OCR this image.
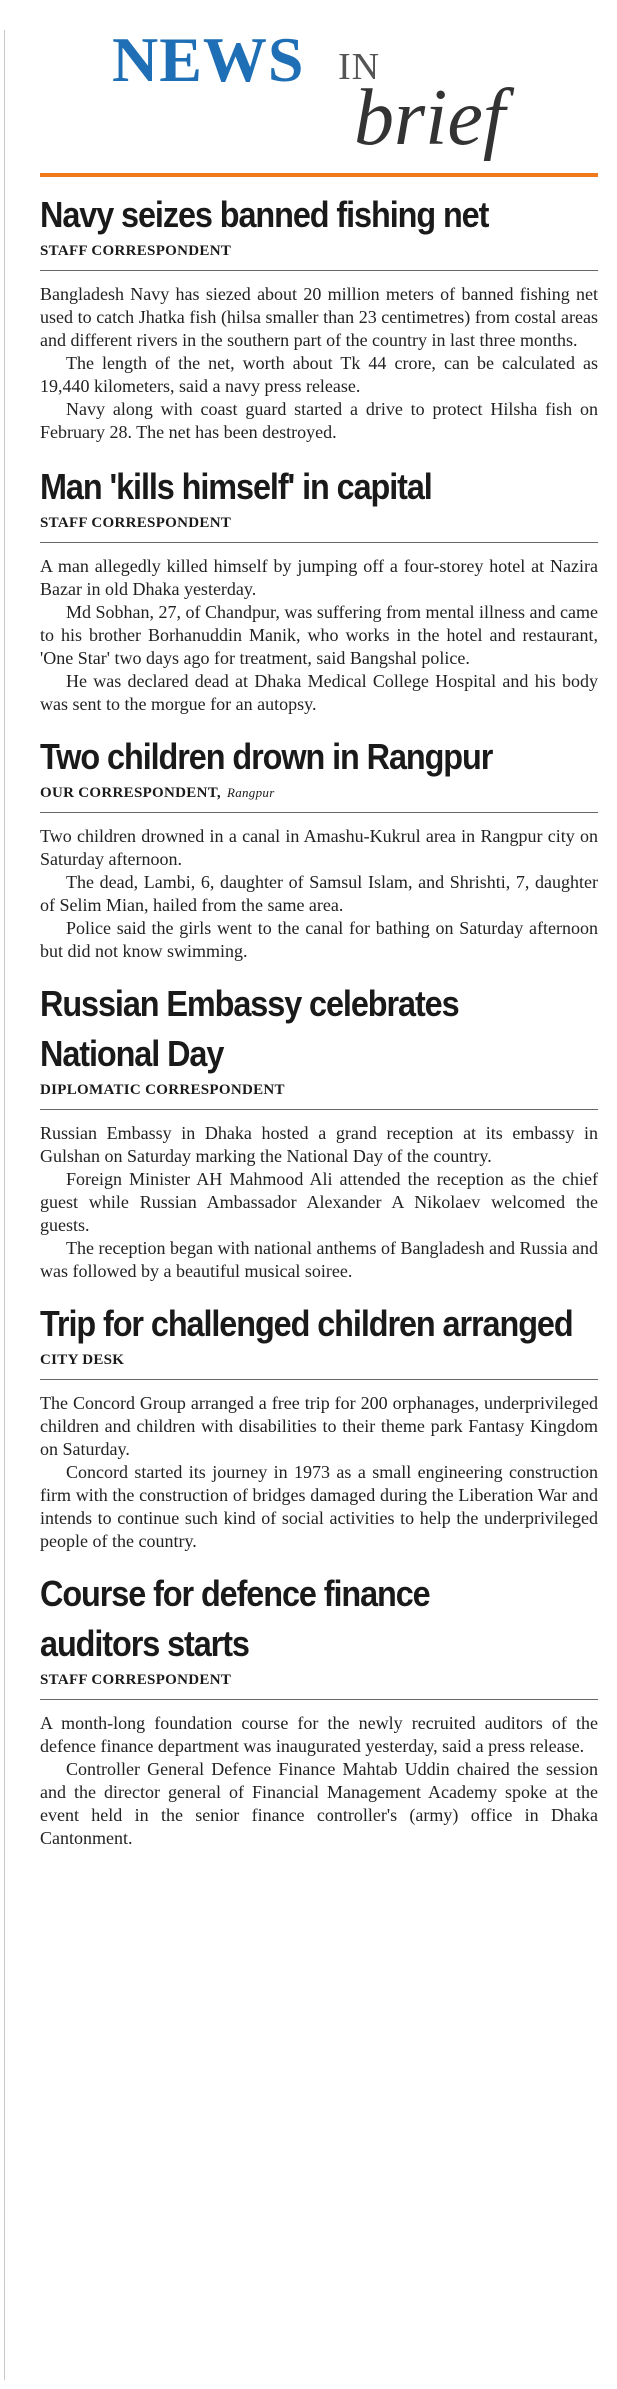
NEWS IN
brief
Navy seizes banned fishing net
STAFF CORRESPONDENT

Bangladesh Navy has siezed about 20 million meters of banned fishing net used to catch Jhatka fish (hilsa smaller than 23 centimetres) from costal areas and different rivers in the southern part of the country in last three months.

The length of the net, worth about Tk 44 crore, can be calculated as 19,440 kilometers, said a navy press release.

Navy along with coast guard started a drive to protect Hilsha fish on February 28. The net has been destroyed.

Man 'kills himself' in capital
STAFF CORRESPONDENT

A man allegedly killed himself by jumping off a four-storey hotel at Nazira Bazar in old Dhaka yesterday.

Md Sobhan, 27, of Chandpur, was suffering from mental illness and came to his brother Borhanuddin Manik, who works in the hotel and restaurant, 'One Star' two days ago for treatment, said Bangshal police.

He was declared dead at Dhaka Medical College Hospital and his body was sent to the morgue for an autopsy.

Two children drown in Rangpur
OUR CORRESPONDENT, Rangpur

Two children drowned in a canal in Amashu-Kukrul area in Rangpur city on Saturday afternoon.

The dead, Lambi, 6, daughter of Samsul Islam, and Shrishti, 7, daughter of Selim Mian, hailed from the same area.

Police said the girls went to the canal for bathing on Saturday afternoon but did not know swimming.

Russian Embassy celebrates National Day
DIPLOMATIC CORRESPONDENT

Russian Embassy in Dhaka hosted a grand reception at its embassy in Gulshan on Saturday marking the National Day of the country.

Foreign Minister AH Mahmood Ali attended the reception as the chief guest while Russian Ambassador Alexander A Nikolaev welcomed the guests.

The reception began with national anthems of Bangladesh and Russia and was followed by a beautiful musical soiree.

Trip for challenged children arranged
CITY DESK

The Concord Group arranged a free trip for 200 orphanages, underprivileged children and children with disabilities to their theme park Fantasy Kingdom on Saturday.

Concord started its journey in 1973 as a small engineering construction firm with the construction of bridges damaged during the Liberation War and intends to continue such kind of social activities to help the underprivileged people of the country.

Course for defence finance auditors starts
STAFF CORRESPONDENT

A month-long foundation course for the newly recruited auditors of the defence finance department was inaugurated yesterday, said a press release.

Controller General Defence Finance Mahtab Uddin chaired the session and the director general of Financial Management Academy spoke at the event held in the senior finance controller's (army) office in Dhaka Cantonment.
